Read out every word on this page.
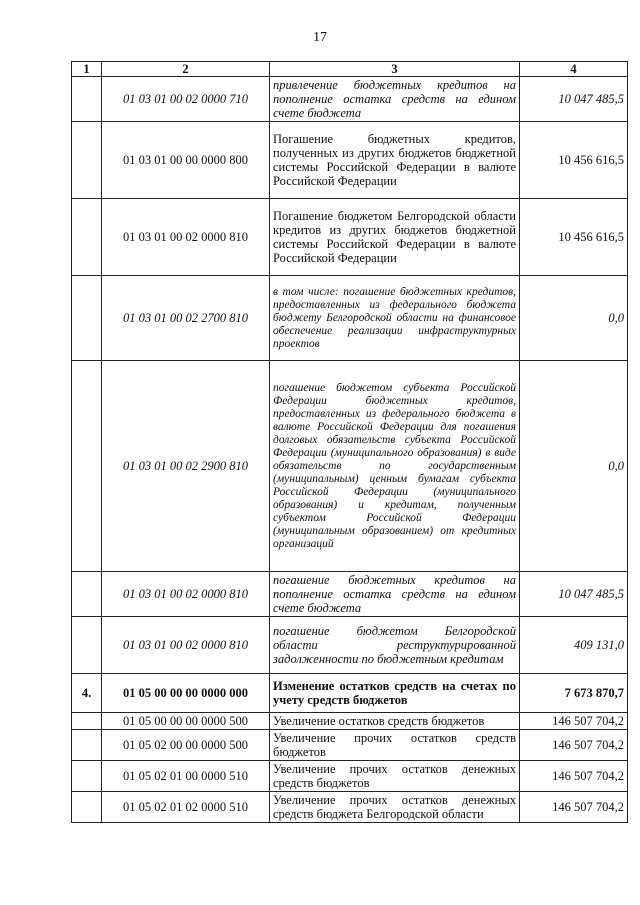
17
1	2	3	4
	01 03 01 00 02 0000 710	привлечение бюджетных кредитов на пополнение остатка средств на едином счете бюджета	10 047 485,5
	01 03 01 00 00 0000 800	Погашение бюджетных кредитов, полученных из других бюджетов бюджетной системы Российской Федерации в валюте Российской Федерации	10 456 616,5
	01 03 01 00 02 0000 810	Погашение бюджетом Белгородской области кредитов из других бюджетов бюджетной системы Российской Федерации в валюте Российской Федерации	10 456 616,5
	01 03 01 00 02 2700 810	в том числе: погашение бюджетных кредитов, предоставленных из федерального бюджета бюджету Белгородской области на финансовое обеспечение реализации инфраструктурных проектов	0,0
	01 03 01 00 02 2900 810	погашение бюджетом субъекта Российской Федерации бюджетных кредитов, предоставленных из федерального бюджета в валюте Российской Федерации для погашения долговых обязательств субъекта Российской Федерации (муниципального образования) в виде обязательств по государственным (муниципальным) ценным бумагам субъекта Российской Федерации (муниципального образования) и кредитам, полученным субъектом Российской Федерации (муниципальным образованием) от кредитных организаций	0,0
	01 03 01 00 02 0000 810	погашение бюджетных кредитов на пополнение остатка средств на едином счете бюджета	10 047 485,5
	01 03 01 00 02 0000 810	погашение бюджетом Белгородской области реструктурированной задолженности по бюджетным кредитам	409 131,0
4.	01 05 00 00 00 0000 000	Изменение остатков средств на счетах по учету средств бюджетов	7 673 870,7
	01 05 00 00 00 0000 500	Увеличение остатков средств бюджетов	146 507 704,2
	01 05 02 00 00 0000 500	Увеличение прочих остатков средств бюджетов	146 507 704,2
	01 05 02 01 00 0000 510	Увеличение прочих остатков денежных средств бюджетов	146 507 704,2
	01 05 02 01 02 0000 510	Увеличение прочих остатков денежных средств бюджета Белгородской области	146 507 704,2
